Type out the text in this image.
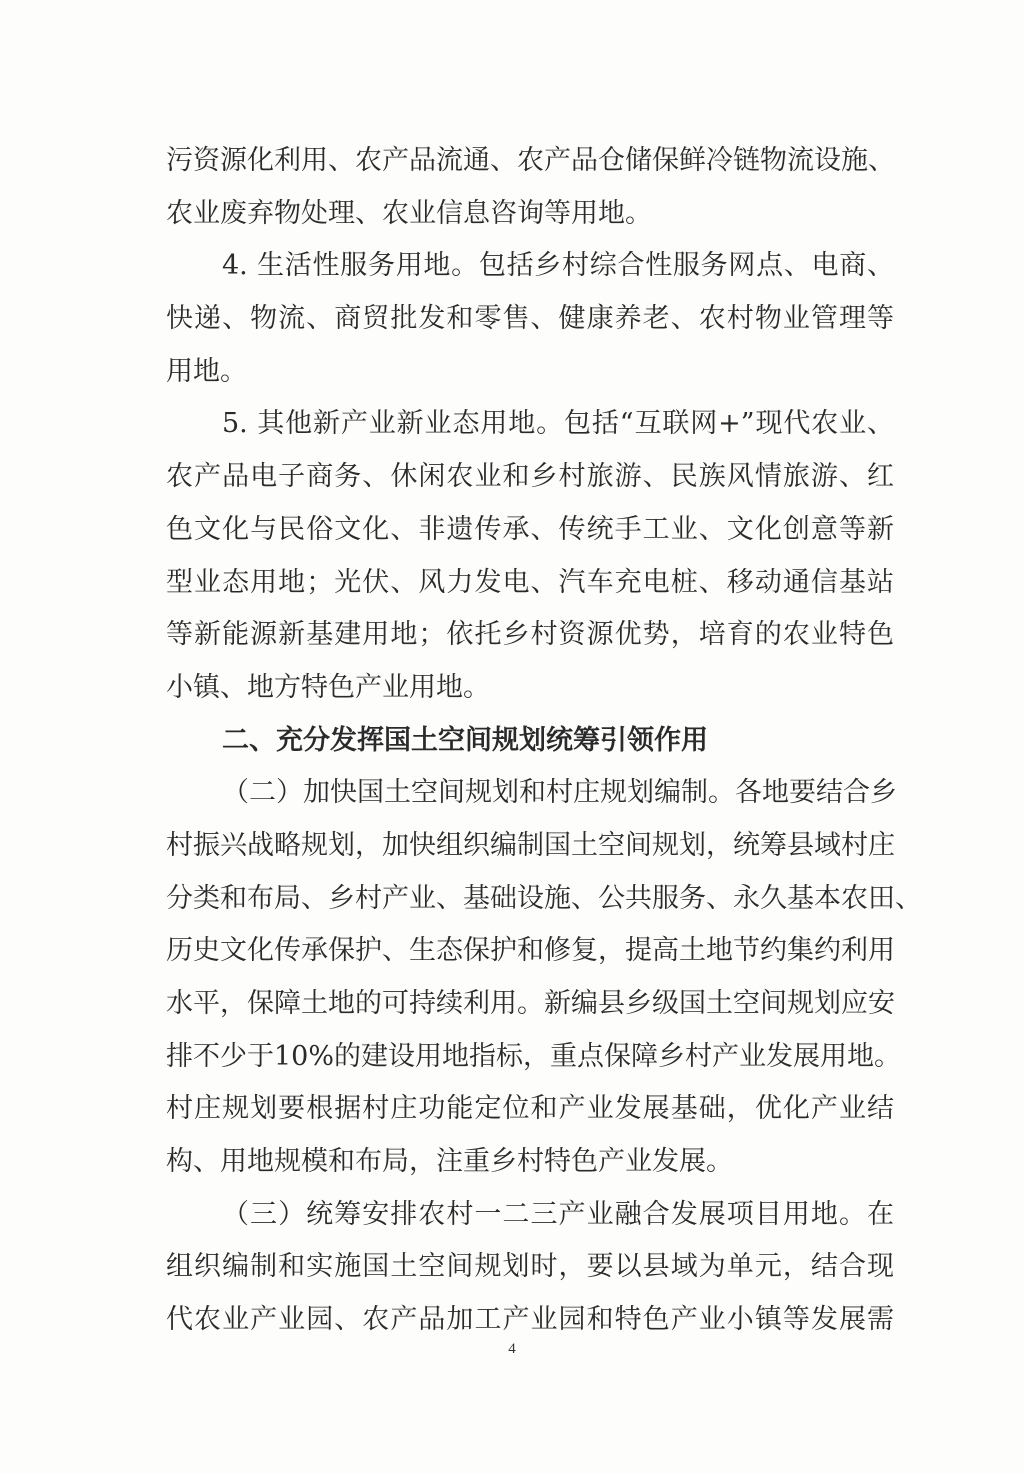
污资源化利用、农产品流通、农产品仓储保鲜冷链物流设施、
农业废弃物处理、农业信息咨询等用地。
4. 生活性服务用地。包括乡村综合性服务网点、电商、
快递、物流、商贸批发和零售、健康养老、农村物业管理等
用地。
5. 其他新产业新业态用地。包括“互联网+”现代农业、
农产品电子商务、休闲农业和乡村旅游、民族风情旅游、红
色文化与民俗文化、非遗传承、传统手工业、文化创意等新
型业态用地；光伏、风力发电、汽车充电桩、移动通信基站
等新能源新基建用地；依托乡村资源优势，培育的农业特色
小镇、地方特色产业用地。
二、充分发挥国土空间规划统筹引领作用
（二）加快国土空间规划和村庄规划编制。各地要结合乡
村振兴战略规划，加快组织编制国土空间规划，统筹县域村庄
分类和布局、乡村产业、基础设施、公共服务、永久基本农田、
历史文化传承保护、生态保护和修复，提高土地节约集约利用
水平，保障土地的可持续利用。新编县乡级国土空间规划应安
排不少于10%的建设用地指标，重点保障乡村产业发展用地。
村庄规划要根据村庄功能定位和产业发展基础，优化产业结
构、用地规模和布局，注重乡村特色产业发展。
（三）统筹安排农村一二三产业融合发展项目用地。在
组织编制和实施国土空间规划时，要以县域为单元，结合现
代农业产业园、农产品加工产业园和特色产业小镇等发展需
4
